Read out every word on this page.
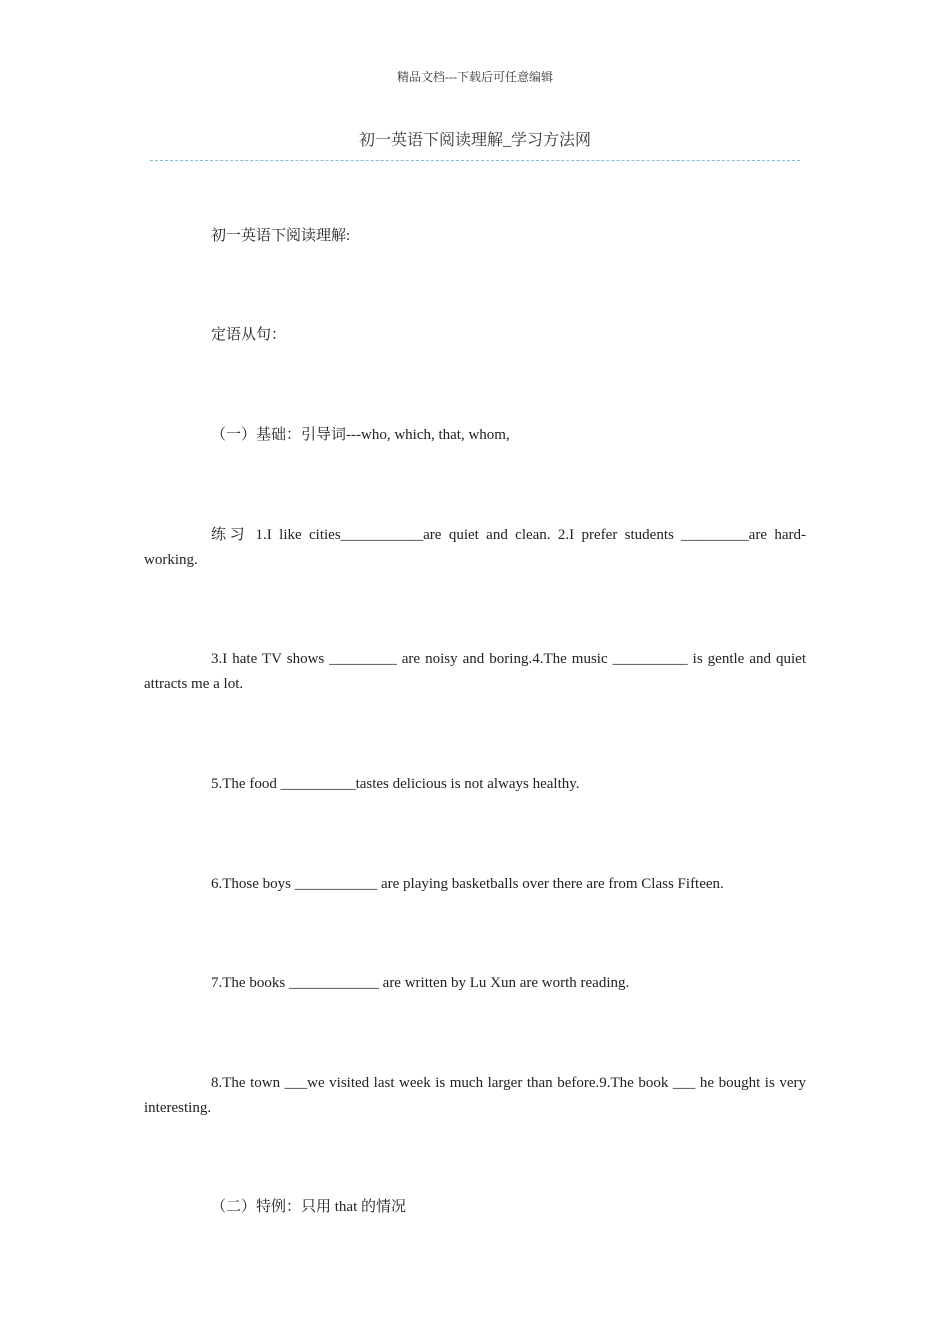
精品文档---下载后可任意编辑
初一英语下阅读理解_学习方法网
初一英语下阅读理解:
定语从句：
（一）基础：引导词---who, which, that, whom,
练习 1.I like cities___________are quiet and clean. 2.I prefer students _________are hard- working.
3.I hate TV shows _________ are noisy and boring.4.The music __________ is gentle and quiet attracts me a lot.
5.The food __________tastes delicious is not always healthy.
6.Those boys ___________ are playing basketballs over there are from Class Fifteen.
7.The books ____________ are written by Lu Xun are worth reading.
8.The town ___we visited last week is much larger than before.9.The book ___ he bought is very interesting.
（二）特例：只用 that 的情况
